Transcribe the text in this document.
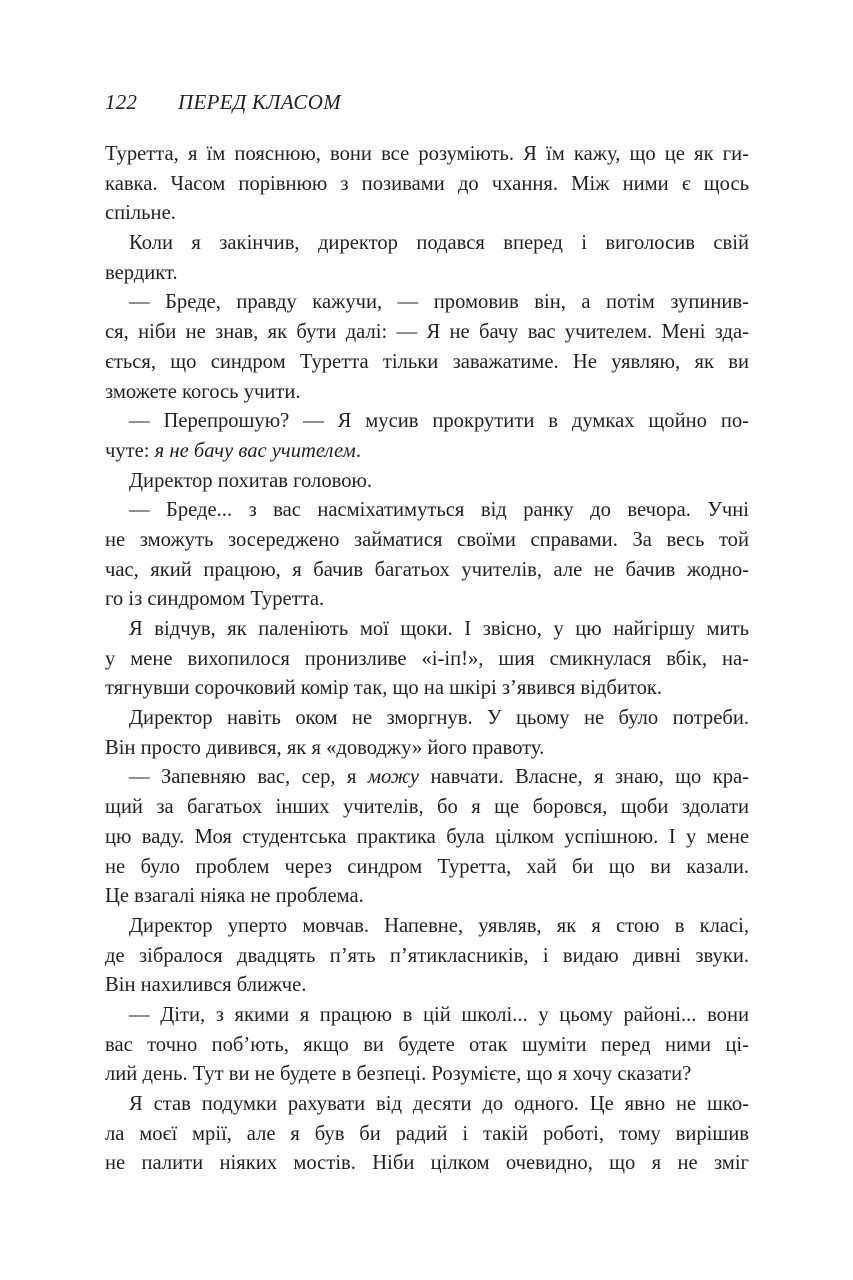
122 ПЕРЕД КЛАСОМ
Туретта, я їм пояснюю, вони все розуміють. Я їм кажу, що це як ги-
кавка. Часом порівнюю з позивами до чхання. Між ними є щось
спільне.
Коли я закінчив, директор подався вперед і виголосив свій
вердикт.
— Бреде, правду кажучи, — промовив він, а потім зупинив-
ся, ніби не знав, як бути далі: — Я не бачу вас учителем. Мені зда-
ється, що синдром Туретта тільки заважатиме. Не уявляю, як ви
зможете когось учити.
— Перепрошую? — Я мусив прокрутити в думках щойно по-
чуте: я не бачу вас учителем.
Директор похитав головою.
— Бреде... з вас насміхатимуться від ранку до вечора. Учні
не зможуть зосереджено займатися своїми справами. За весь той
час, який працюю, я бачив багатьох учителів, але не бачив жодно-
го із синдромом Туретта.
Я відчув, як паленіють мої щоки. І звісно, у цю найгіршу мить
у мене вихопилося пронизливе «і-іп!», шия смикнулася вбік, на-
тягнувши сорочковий комір так, що на шкірі з’явився відбиток.
Директор навіть оком не зморгнув. У цьому не було потреби.
Він просто дивився, як я «доводжу» його правоту.
— Запевняю вас, сер, я можу навчати. Власне, я знаю, що кра-
щий за багатьох інших учителів, бо я ще боровся, щоби здолати
цю ваду. Моя студентська практика була цілком успішною. І у мене
не було проблем через синдром Туретта, хай би що ви казали.
Це взагалі ніяка не проблема.
Директор уперто мовчав. Напевне, уявляв, як я стою в класі,
де зібралося двадцять п’ять п’ятикласників, і видаю дивні звуки.
Він нахилився ближче.
— Діти, з якими я працюю в цій школі... у цьому районі... вони
вас точно поб’ють, якщо ви будете отак шуміти перед ними ці-
лий день. Тут ви не будете в безпеці. Розумієте, що я хочу сказати?
Я став подумки рахувати від десяти до одного. Це явно не шко-
ла моєї мрії, але я був би радий і такій роботі, тому вирішив
не палити ніяких мостів. Ніби цілком очевидно, що я не зміг
